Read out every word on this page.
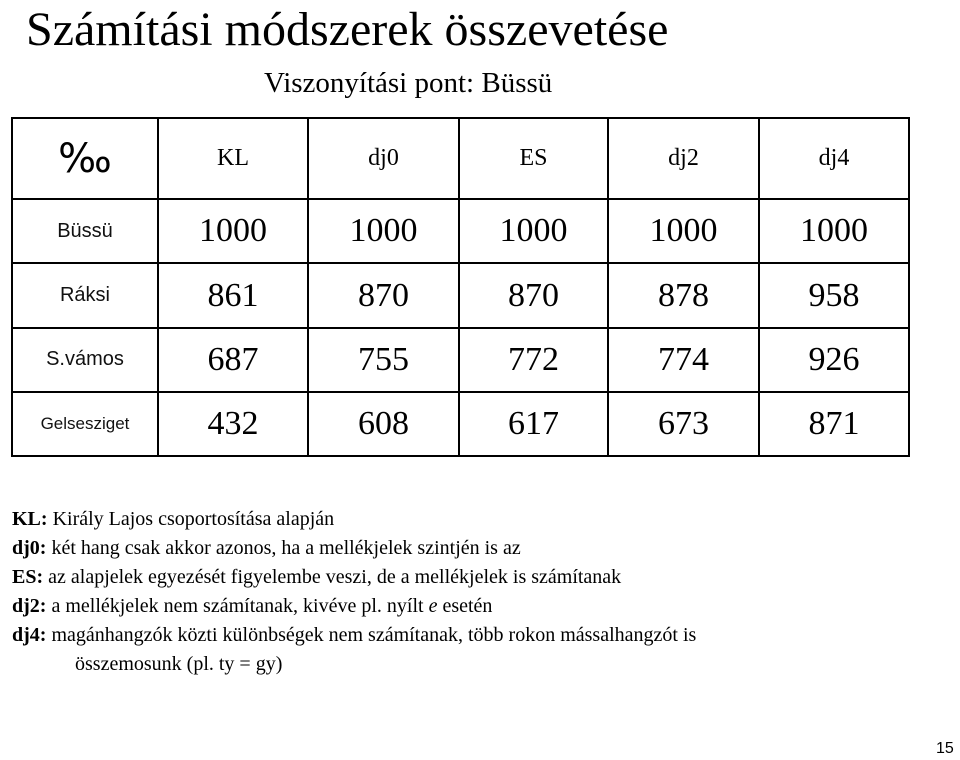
Számítási módszerek összevetése
Viszonyítási pont: Büssü
‰	KL	dj0	ES	dj2	dj4
Büssü	1000	1000	1000	1000	1000
Ráksi	861	870	870	878	958
S.vámos	687	755	772	774	926
Gelsesziget	432	608	617	673	871
KL: Király Lajos csoportosítása alapján
dj0: két hang csak akkor azonos, ha a mellékjelek szintjén is az
ES: az alapjelek egyezését figyelembe veszi, de a mellékjelek is számítanak
dj2: a mellékjelek nem számítanak, kivéve pl. nyílt e esetén
dj4: magánhangzók közti különbségek nem számítanak, több rokon mássalhangzót is
összemosunk (pl. ty = gy)
15
